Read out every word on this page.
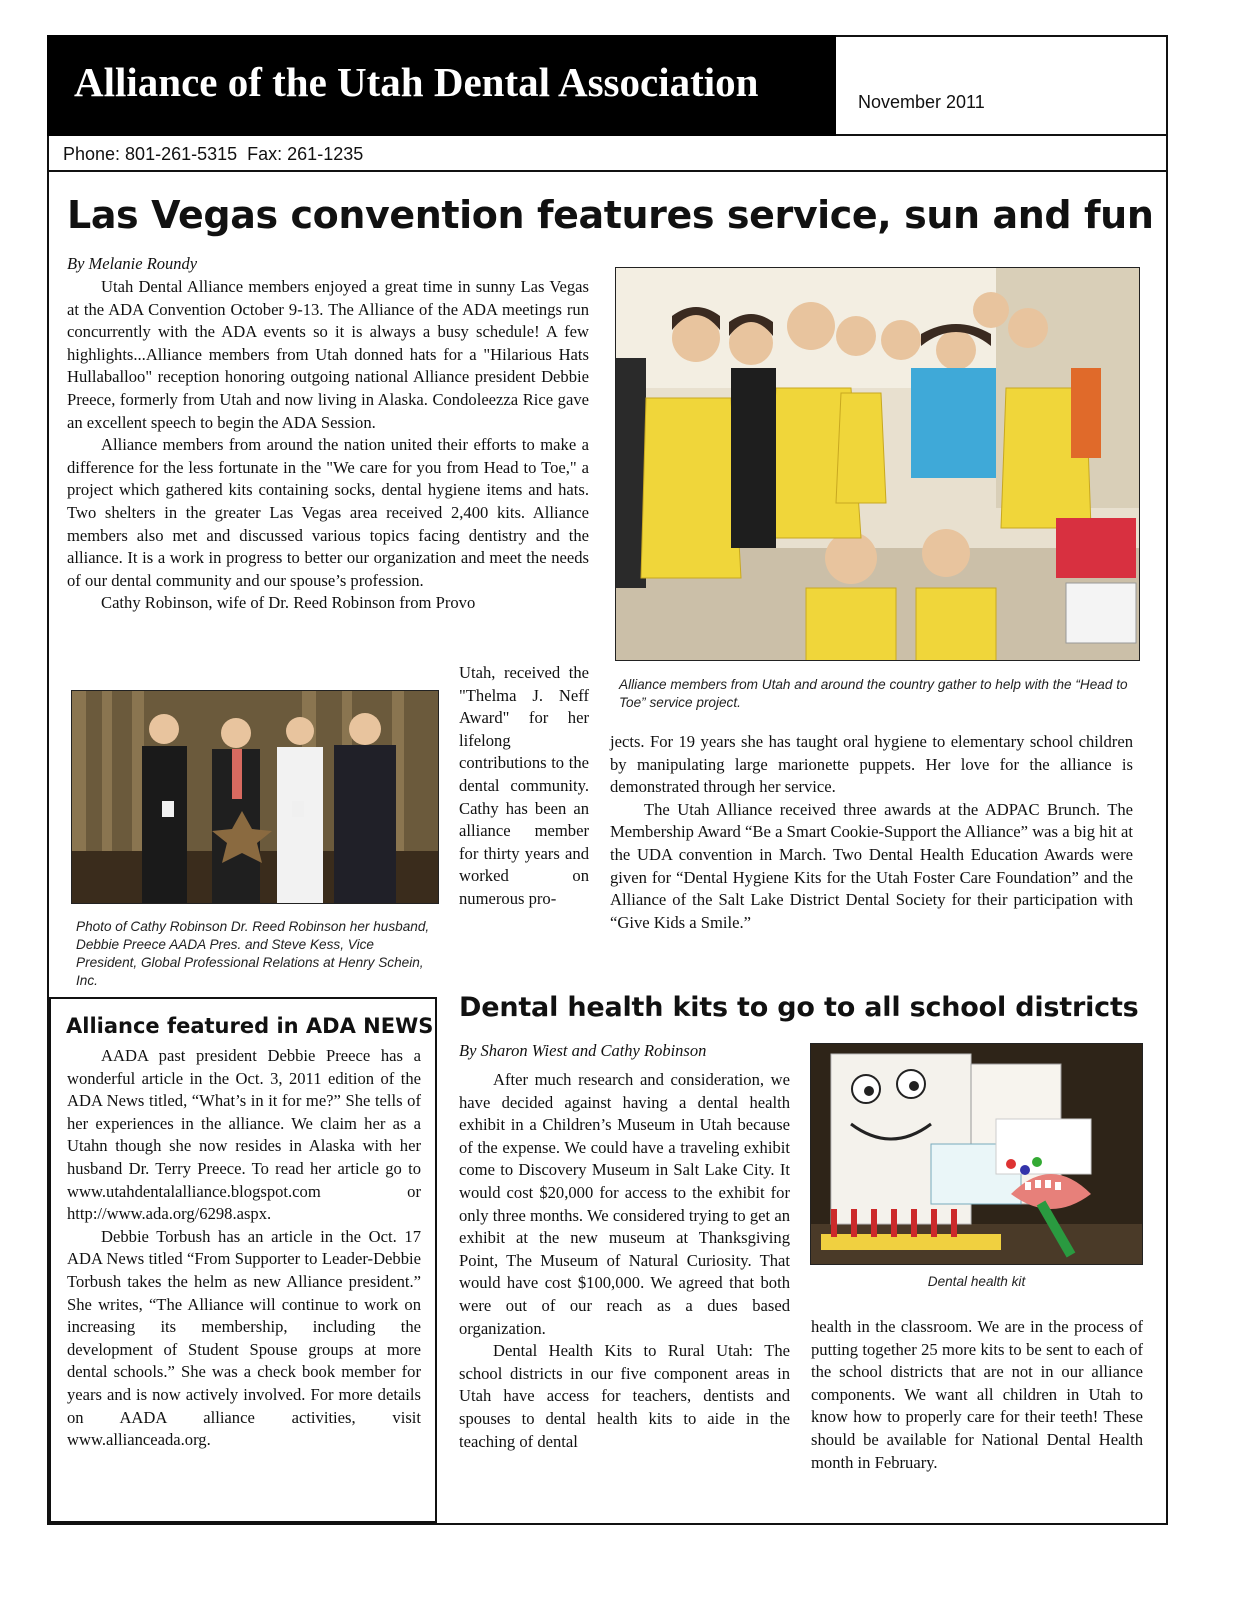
Alliance of the Utah Dental Association	November 2011
Phone: 801-261-5315 Fax: 261-1235
Las Vegas convention features service, sun and fun
By Melanie Roundy

Utah Dental Alliance members enjoyed a great time in sunny Las Vegas at the ADA Convention October 9-13. The Alliance of the ADA meetings run concurrently with the ADA events so it is always a busy schedule! A few highlights...Alliance members from Utah donned hats for a "Hilarious Hats Hullaballoo" reception honoring outgoing national Alliance president Debbie Preece, formerly from Utah and now living in Alaska. Condoleezza Rice gave an excellent speech to begin the ADA Session.

Alliance members from around the nation united their efforts to make a difference for the less fortunate in the "We care for you from Head to Toe," a project which gathered kits containing socks, dental hygiene items and hats. Two shelters in the greater Las Vegas area received 2,400 kits. Alliance members also met and discussed various topics facing dentistry and the alliance. It is a work in progress to better our organization and meet the needs of our dental community and our spouse’s profession.

Cathy Robinson, wife of Dr. Reed Robinson from Provo

Alliance members from Utah and around the country gather to help with the “Head to Toe” service project.
Photo of Cathy Robinson Dr. Reed Robinson her husband, Debbie Preece AADA Pres. and Steve Kess, Vice President, Global Professional Relations at Henry Schein, Inc.

Utah, received the "Thelma J. Neff Award" for her lifelong contributions to the dental community. Cathy has been an alliance member for thirty years and worked on numerous pro-

jects. For 19 years she has taught oral hygiene to elementary school children by manipulating large marionette puppets. Her love for the alliance is demonstrated through her service.

The Utah Alliance received three awards at the ADPAC Brunch. The Membership Award “Be a Smart Cookie-Support the Alliance” was a big hit at the UDA convention in March. Two Dental Health Education Awards were given for “Dental Hygiene Kits for the Utah Foster Care Foundation” and the Alliance of the Salt Lake District Dental Society for their participation with “Give Kids a Smile.”

Alliance featured in ADA NEWS

AADA past president Debbie Preece has a wonderful article in the Oct. 3, 2011 edition of the ADA News titled, “What’s in it for me?” She tells of her experiences in the alliance. We claim her as a Utahn though she now resides in Alaska with her husband Dr. Terry Preece. To read her article go to www.utahdentalalliance.blogspot.com or http://www.ada.org/6298.aspx.

Debbie Torbush has an article in the Oct. 17 ADA News titled “From Supporter to Leader-Debbie Torbush takes the helm as new Alliance president.” She writes, “The Alliance will continue to work on increasing its membership, including the development of Student Spouse groups at more dental schools.” She was a check book member for years and is now actively involved. For more details on AADA alliance activities, visit www.allianceada.org.

Dental health kits to go to all school districts
By Sharon Wiest and Cathy Robinson

After much research and consideration, we have decided against having a dental health exhibit in a Children’s Museum in Utah because of the expense. We could have a traveling exhibit come to Discovery Museum in Salt Lake City. It would cost $20,000 for access to the exhibit for only three months. We considered trying to get an exhibit at the new museum at Thanksgiving Point, The Museum of Natural Curiosity. That would have cost $100,000. We agreed that both were out of our reach as a dues based organization.

Dental Health Kits to Rural Utah: The school districts in our five component areas in Utah have access for teachers, dentists and spouses to dental health kits to aide in the teaching of dental

Dental health kit

health in the classroom. We are in the process of putting together 25 more kits to be sent to each of the school districts that are not in our alliance components. We want all children in Utah to know how to properly care for their teeth! These should be available for National Dental Health month in February.
